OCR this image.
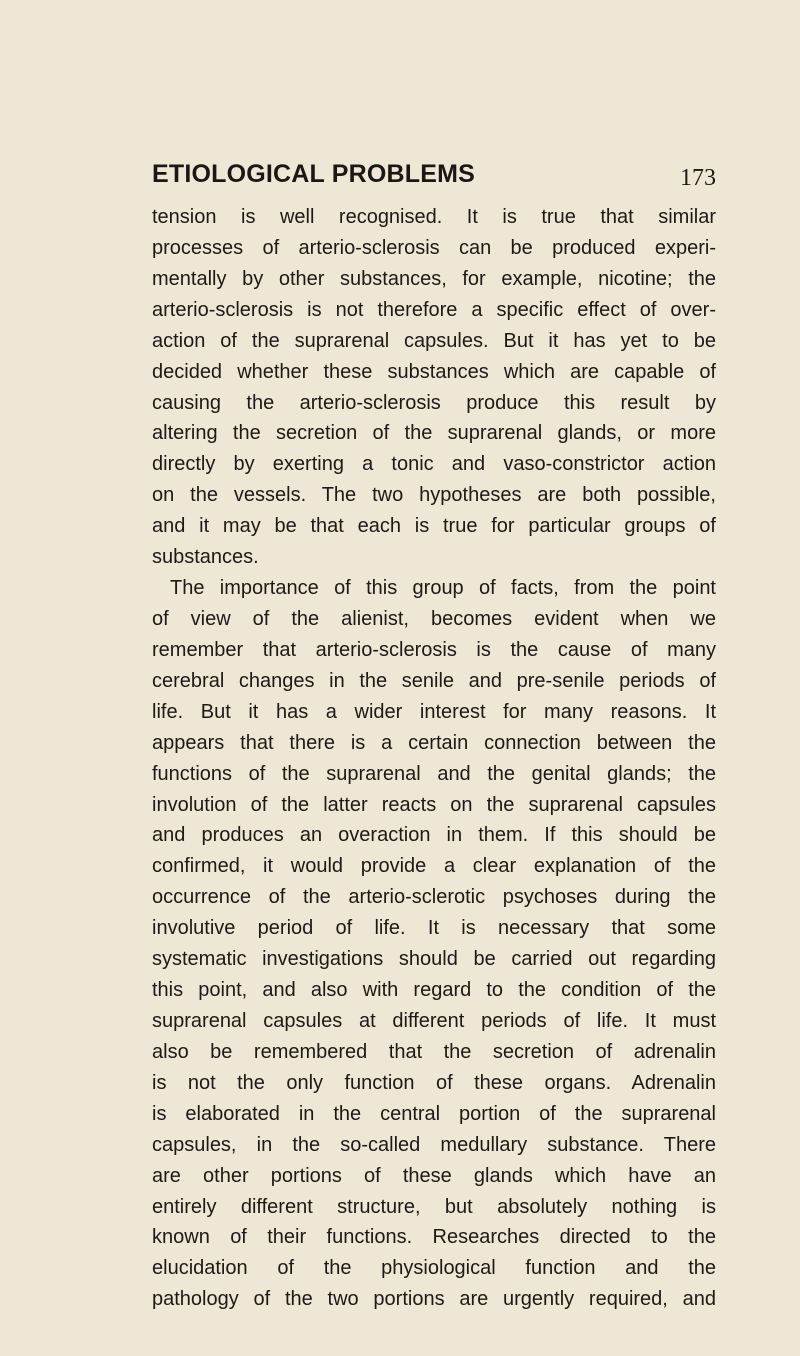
ETIOLOGICAL PROBLEMS	173
tension is well recognised. It is true that similar
processes of arterio-sclerosis can be produced experi-
mentally by other substances, for example, nicotine; the
arterio-sclerosis is not therefore a specific effect of over-
action of the suprarenal capsules. But it has yet to be
decided whether these substances which are capable of
causing the arterio-sclerosis produce this result by
altering the secretion of the suprarenal glands, or more
directly by exerting a tonic and vaso-constrictor action
on the vessels. The two hypotheses are both possible,
and it may be that each is true for particular groups of
substances.
The importance of this group of facts, from the point
of view of the alienist, becomes evident when we
remember that arterio-sclerosis is the cause of many
cerebral changes in the senile and pre-senile periods of
life. But it has a wider interest for many reasons. It
appears that there is a certain connection between the
functions of the suprarenal and the genital glands; the
involution of the latter reacts on the suprarenal capsules
and produces an overaction in them. If this should be
confirmed, it would provide a clear explanation of the
occurrence of the arterio-sclerotic psychoses during the
involutive period of life. It is necessary that some
systematic investigations should be carried out regarding
this point, and also with regard to the condition of the
suprarenal capsules at different periods of life. It must
also be remembered that the secretion of adrenalin
is not the only function of these organs. Adrenalin
is elaborated in the central portion of the suprarenal
capsules, in the so-called medullary substance. There
are other portions of these glands which have an
entirely different structure, but absolutely nothing is
known of their functions. Researches directed to the
elucidation of the physiological function and the
pathology of the two portions are urgently required, and
